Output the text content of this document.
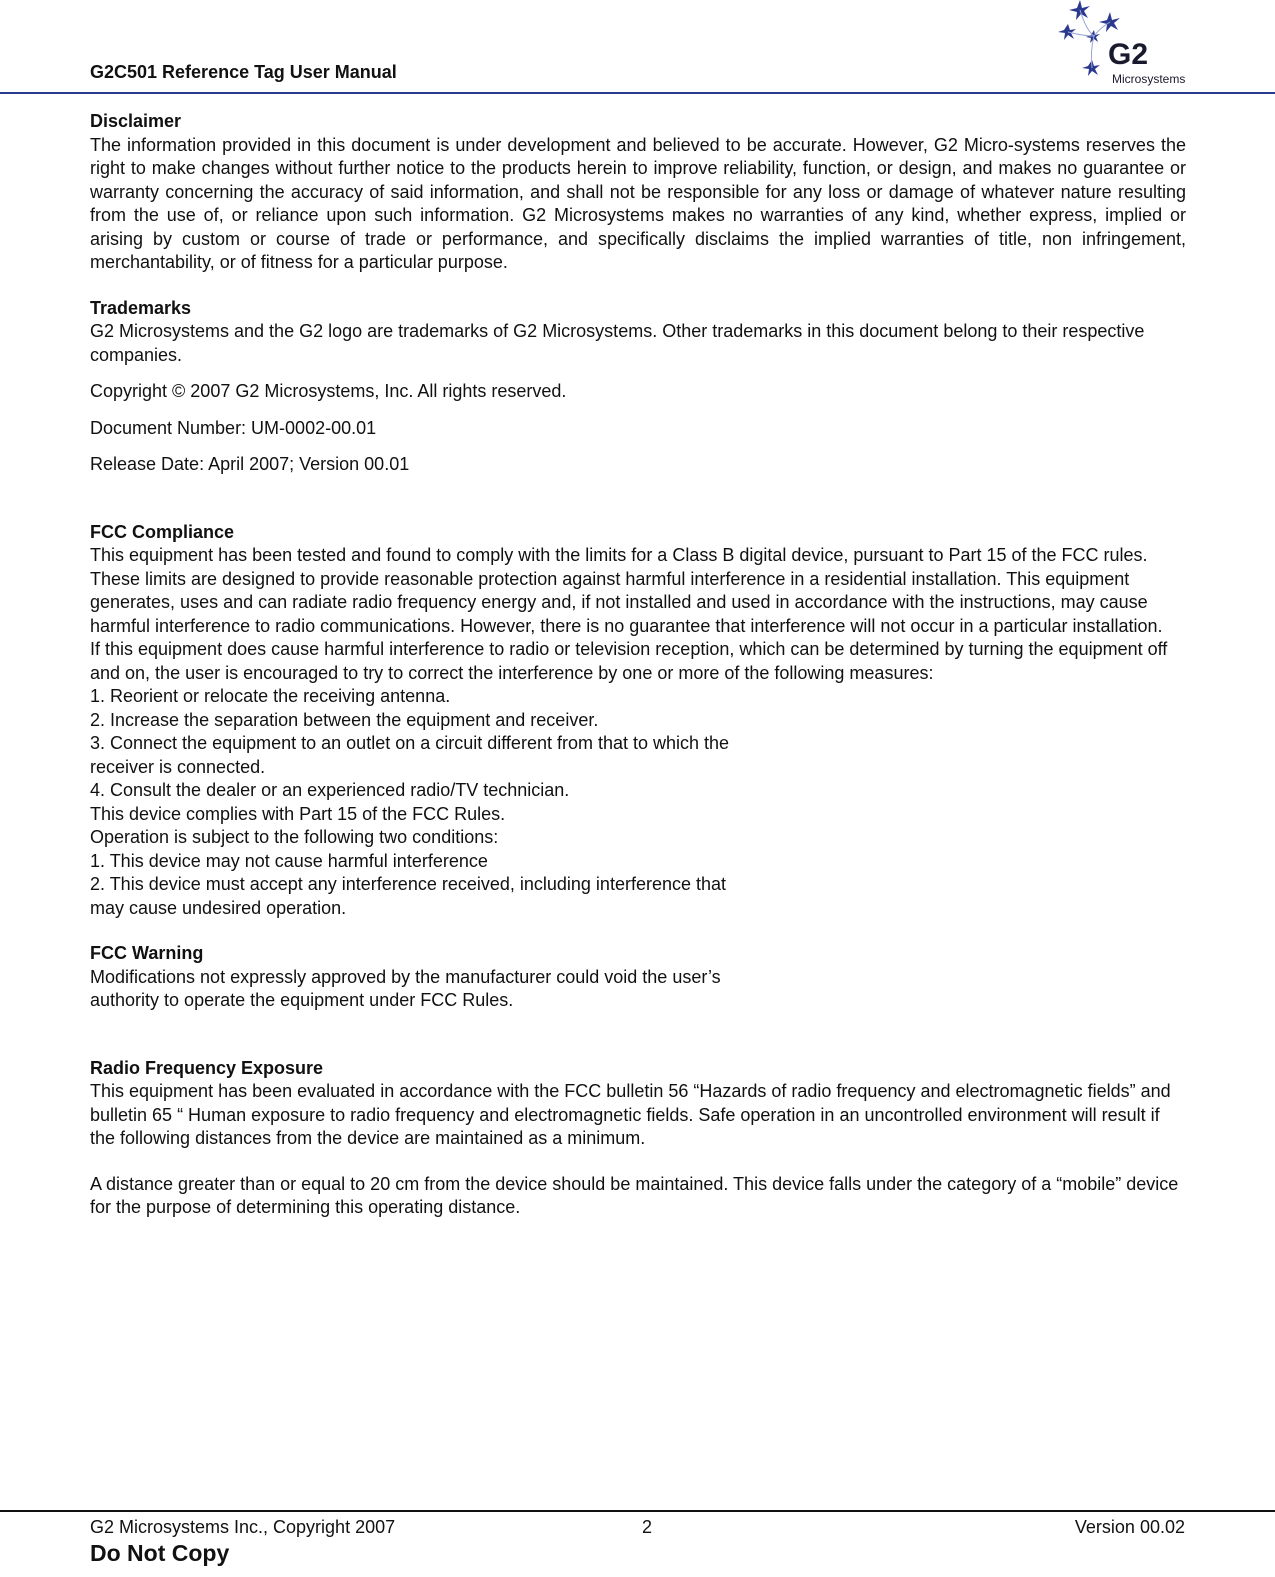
G2C501 Reference Tag User Manual
G2
Microsystems
Disclaimer

The information provided in this document is under development and believed to be accurate. However, G2 Micro-systems reserves the right to make changes without further notice to the products herein to improve reliability, function, or design, and makes no guarantee or warranty concerning the accuracy of said information, and shall not be responsible for any loss or damage of whatever nature resulting from the use of, or reliance upon such information. G2 Microsystems makes no warranties of any kind, whether express, implied or arising by custom or course of trade or performance, and specifically disclaims the implied warranties of title, non infringement, merchantability, or of fitness for a particular purpose.

Trademarks

G2 Microsystems and the G2 logo are trademarks of G2 Microsystems. Other trademarks in this document belong to their respective companies.

Copyright © 2007 G2 Microsystems, Inc. All rights reserved.

Document Number: UM-0002-00.01

Release Date: April 2007; Version 00.01

FCC Compliance

This equipment has been tested and found to comply with the limits for a Class B digital device, pursuant to Part 15 of the FCC rules. These limits are designed to provide reasonable protection against harmful interference in a residential installation. This equipment generates, uses and can radiate radio frequency energy and, if not installed and used in accordance with the instructions, may cause harmful interference to radio communications. However, there is no guarantee that interference will not occur in a particular installation. If this equipment does cause harmful interference to radio or television reception, which can be determined by turning the equipment off and on, the user is encouraged to try to correct the interference by one or more of the following measures:

1. Reorient or relocate the receiving antenna.
2. Increase the separation between the equipment and receiver.
3. Connect the equipment to an outlet on a circuit different from that to which the
receiver is connected.
4. Consult the dealer or an experienced radio/TV technician.
This device complies with Part 15 of the FCC Rules.
Operation is subject to the following two conditions:
1. This device may not cause harmful interference
2. This device must accept any interference received, including interference that
may cause undesired operation.
FCC Warning
Modifications not expressly approved by the manufacturer could void the user’s
authority to operate the equipment under FCC Rules.
Radio Frequency Exposure

This equipment has been evaluated in accordance with the FCC bulletin 56 “Hazards of radio frequency and electromagnetic fields” and bulletin 65 “ Human exposure to radio frequency and electromagnetic fields. Safe operation in an uncontrolled environment will result if the following distances from the device are maintained as a minimum.

A distance greater than or equal to 20 cm from the device should be maintained. This device falls under the category of a “mobile” device for the purpose of determining this operating distance.

G2 Microsystems Inc., Copyright 2007	2	Version 00.02
Do Not Copy
